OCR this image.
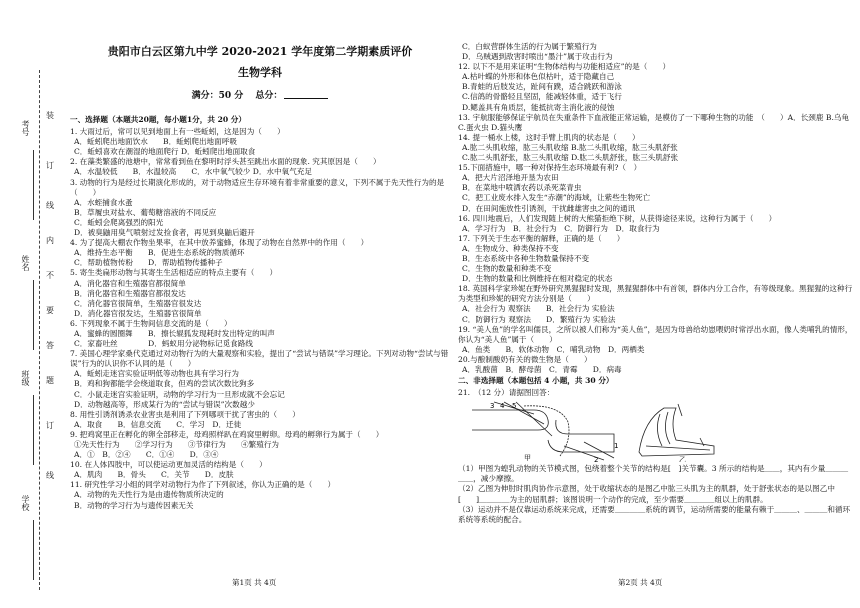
考号
姓名
班级
学校
装
订
线
内
不
要
答
题
订
线

贵阳市白云区第九中学 2020-2021 学年度第二学期素质评价

生物学科

满分：50 分　 总分：

一、选择题（本题共20题，每小题1分，共 20 分）

1. 大雨过后，常可以见到地面上有一些蚯蚓，这是因为（　　）

A．蚯蚓爬出地面饮水　　B．蚯蚓爬出地面呼吸

C．蚯蚓喜欢在潮湿的地面爬行 D．蚯蚓爬出地面取食

2. 在藻类繁盛的池塘中，常常看到鱼在黎明时浮头甚至跳出水面的现象. 究其原因是（　　）

A．水温较低　　B．水温较高　　C．水中氧气较少 D．水中氧气充足

3. 动物的行为是经过长期演化形成的，对于动物适应生存环境有着非常重要的意义，下列不属于先天性行为的是（　　）

A．水蛭捕食水蚤

B．草履虫对盐水、葡萄糖溶液的不同反应

C．蚯蚓会爬离强烈的阳光

D．被臭鼬用臭气喷射过发捡食者，再见到臭鼬后避开

4. 为了提高大棚农作物坐果率，在其中放养蜜蜂，体现了动物在自然界中的作用（　　）

A．维持生态平衡　　B．促进生态系统的物质循环

C．帮助植物传粉　　D．帮助植物传播种子

5. 寄生类扁形动物与其寄生生活相适应的特点主要有（　　）

A．消化器官和生殖器官都很简单

B．消化器官和生殖器官都很发达

C．消化器官很简单，生殖器官很发达

D．消化器官很发达，生殖器官很简单

6. 下列现象不属于生物间信息交流的是（　　）

A．蜜蜂的圆圈舞　　B．擦长辊狐发现耗时发出特定的叫声

C．家畜吐丝　　　　D．蚂蚁用分泌物标记觅食路线

7. 美国心理学家桑代克通过对动物行为的大量观察和实验，提出了“尝试与错误”学习理论。下列对动物“尝试与错误”行为的认识你不认同的是（　　）

A．蚯蚓走迷宫实验证明低等动物也具有学习行为

B．鸡和狗都能学会绕道取食，但鸡的尝试次数比狗多

C．小鼠走迷宫实验证明，动物的学习行为一旦形成就不会忘记

D．动物越高等，形成某行为的“尝试与错误”次数越少

8. 用性引诱剂诱杀农业害虫是利用了下列哪项干扰了害虫的（　　）

A．取食　　B．信息交流　　C．学习　D．迁徙

9. 把鸡窝里正在孵化的卵全部移走，母鸡照样趴在鸡窝里孵卵。母鸡的孵卵行为属于（　　）

①先天性行为　　②学习行为　　③节律行为　　④繁殖行为

A．①　B．②④　　C．①④　　D．③④

10. 在人体四肢中，可以使运动更加灵活的结构是（　　）

A．肌肉　　B．骨头　　C．关节　　D．皮肤

11. 研究性学习小组的同学对动物行为作了下列叙述，你认为正确的是（　　）

A．动物的先天性行为是由遗传物质所决定的

B．动物的学习行为与遗传因素无关

第1页 共 4页

C．白蚁营群体生活的行为属于繁殖行为

D．乌贼遇到敌害时喷出“墨汁”属于攻击行为

12. 以下不是用来证明“生物体结构与功能相适应”的是（　　）

A.枯叶蝶的外形和体色似枯叶，适于隐藏自己

B.青蛙的后肢发达，趾间有蹼，适合跳跃和游泳

C.信鸽的骨骼轻且坚固，能减轻体重，适于飞行

D.鳃盖具有角质层，能抵抗寄主消化液的侵蚀

13. 宇航服能够保证宇航员在失重条件下血液能正常运输，是模仿了一下哪种生物的功能　（　　）A．长颈鹿 B.乌龟 C.蛋火虫 D.猫头鹰

14. 提一桶水上楼，这时手臂上肌肉的状态是（　　）

A.肱二头肌收缩，肱三头肌收缩 B.肱二头肌收缩，肱三头肌舒张

C.肱二头肌舒张，肱三头肌收缩 D.肱二头肌舒张，肱三头肌舒张

15.下面措施中，哪一种对保持生态环境最有利?（　）

A．把大片沼泽地开垦为农田

B．在菜地中喷洒农药以杀死菜青虫

C．把工业废水排入发生“赤潮”的海域，让紫些生物死亡

D．在田间施放性引诱剂，干扰雌雄害虫之间的通讯

16. 四川地震后，人们发现随上树的大熊猫拒绝下树，从获得途径来说，这种行为属于（　　）

A．学习行为　B．社会行为　C．防御行为　D．取食行为

17. 下列关于生态平衡的解释，正确的是（　　）

A．生物成分、种类保持不变

B．生态系统中各种生物数量保持不变

C．生物的数量和种类不变

D．生物的数量和比例维持在相对稳定的状态

18. 英国科学家珍妮在野外研究黑猩猩时发现，黑猩猩群体中有首领，群体内分工合作，有等级现象。黑猩猩的这种行为类型和珍妮的研究方法分别是（　　）

A．社会行为 观察法　　B．社会行为 实验法

C．防御行为 观察法　　D．繁殖行为 实验法

19. “美人鱼”的学名叫儒艮，之所以被人们称为“美人鱼”，是因为母兽给幼崽喂奶时常浮出水面，像人类哺乳的情形，你认为“美人鱼”属于（　　）

A．鱼类　　B．软体动物　C．哺乳动物　D．两栖类

20.与酿制酸奶有关的微生物是（　　）

A．乳酸菌　B．酵母菌　C．青霉　　D．病毒

二、非选择题（本题包括 4 小题，共 30 分）

21.　（12 分）请据图回答：

3 4 5
1
2
甲	乙

（1）甲图为蝗乳动物的关节模式图，包绕着整个关节的结构是[　]关节囊。3 所示的结构是＿＿，其内有少量＿＿＿＿＿，减少摩擦。

（2）乙图为伸肘时肌肉协作示意图，处于收缩状态的是图乙中肱三头肌为主的肌群，处于舒张状态的是以图乙中[　　]＿＿＿＿为主的屈肌群；该图说明一个动作的完成，至少需要＿＿＿＿组以上的肌群。

（3）运动并不是仅靠运动系统来完成，还需要＿＿＿＿系统的调节，运动所需要的能量有赖于＿＿＿、＿＿＿和循环系统等系统的配合。

第2页 共 4页
